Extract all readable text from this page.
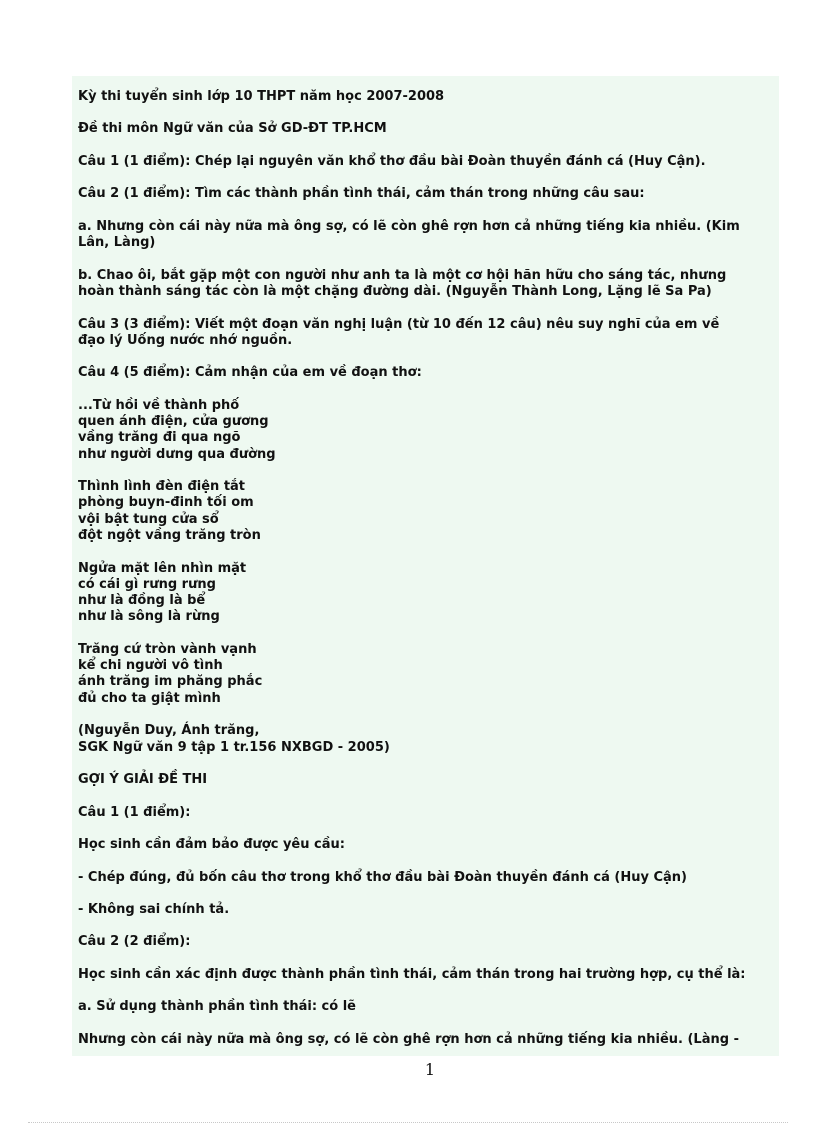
Kỳ thi tuyển sinh lớp 10 THPT năm học 2007-2008

Đề thi môn Ngữ văn của Sở GD-ĐT TP.HCM

Câu 1 (1 điểm): Chép lại nguyên văn khổ thơ đầu bài Đoàn thuyền đánh cá (Huy Cận).

Câu 2 (1 điểm): Tìm các thành phần tình thái, cảm thán trong những câu sau:

a. Nhưng còn cái này nữa mà ông sợ, có lẽ còn ghê rợn hơn cả những tiếng kia nhiều. (Kim

Lân, Làng)

b. Chao ôi, bắt gặp một con người như anh ta là một cơ hội hãn hữu cho sáng tác, nhưng

hoàn thành sáng tác còn là một chặng đường dài. (Nguyễn Thành Long, Lặng lẽ Sa Pa)

Câu 3 (3 điểm): Viết một đoạn văn nghị luận (từ 10 đến 12 câu) nêu suy nghĩ của em về

đạo lý Uống nước nhớ nguồn.

Câu 4 (5 điểm): Cảm nhận của em về đoạn thơ:

...Từ hồi về thành phố

quen ánh điện, cửa gương

vầng trăng đi qua ngõ

như người dưng qua đường

Thình lình đèn điện tắt

phòng buyn-đinh tối om

vội bật tung cửa sổ

đột ngột vầng trăng tròn

Ngửa mặt lên nhìn mặt

có cái gì rưng rưng

như là đồng là bể

như là sông là rừng

Trăng cứ tròn vành vạnh

kể chi người vô tình

ánh trăng im phăng phắc

đủ cho ta giật mình

(Nguyễn Duy, Ánh trăng,

SGK Ngữ văn 9 tập 1 tr.156 NXBGD - 2005)

GỢI Ý GIẢI ĐỀ THI

Câu 1 (1 điểm):

Học sinh cần đảm bảo được yêu cầu:

- Chép đúng, đủ bốn câu thơ trong khổ thơ đầu bài Đoàn thuyền đánh cá (Huy Cận)

- Không sai chính tả.

Câu 2 (2 điểm):

Học sinh cần xác định được thành phần tình thái, cảm thán trong hai trường hợp, cụ thể là:

a. Sử dụng thành phần tình thái: có lẽ

Nhưng còn cái này nữa mà ông sợ, có lẽ còn ghê rợn hơn cả những tiếng kia nhiều. (Làng -

1
